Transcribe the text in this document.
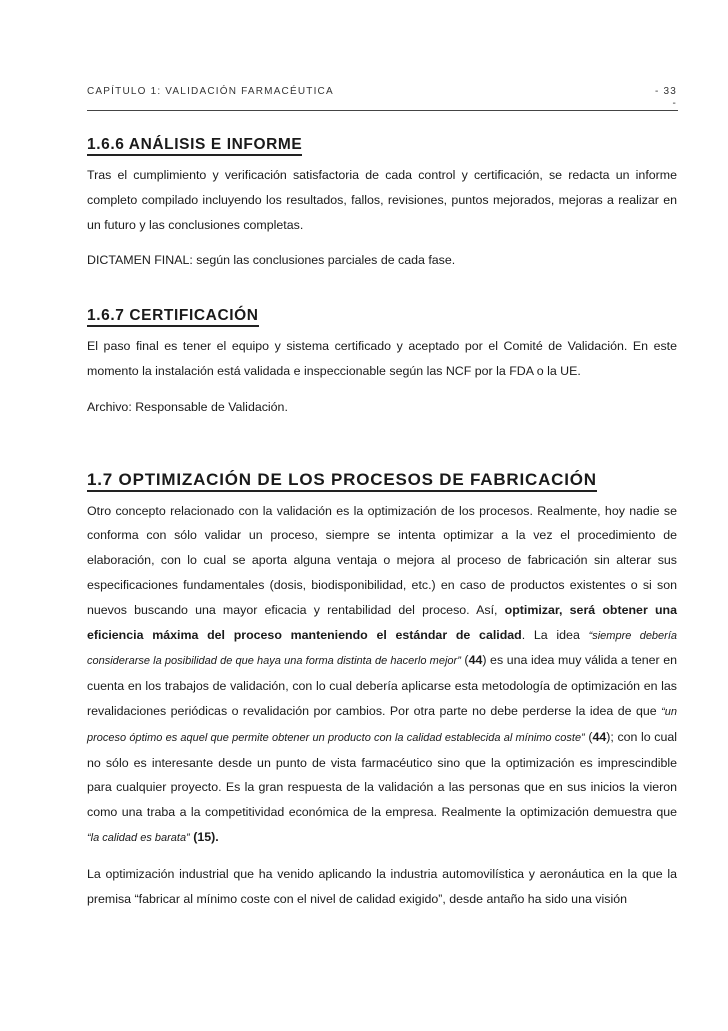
CAPÍTULO 1: VALIDACIÓN FARMACÉUTICA	- 33
-
1.6.6 ANÁLISIS E INFORME

Tras el cumplimiento y verificación satisfactoria de cada control y certificación, se redacta un informe completo compilado incluyendo los resultados, fallos, revisiones, puntos mejorados, mejoras a realizar en un futuro y las conclusiones completas.

DICTAMEN FINAL: según las conclusiones parciales de cada fase.

1.6.7 CERTIFICACIÓN

El paso final es tener el equipo y sistema certificado y aceptado por el Comité de Validación. En este momento la instalación está validada e inspeccionable según las NCF por la FDA o la UE.

Archivo: Responsable de Validación.

1.7 OPTIMIZACIÓN DE LOS PROCESOS DE FABRICACIÓN

Otro concepto relacionado con la validación es la optimización de los procesos. Realmente, hoy nadie se conforma con sólo validar un proceso, siempre se intenta optimizar a la vez el procedimiento de elaboración, con lo cual se aporta alguna ventaja o mejora al proceso de fabricación sin alterar sus especificaciones fundamentales (dosis, biodisponibilidad, etc.) en caso de productos existentes o si son nuevos buscando una mayor eficacia y rentabilidad del proceso. Así, optimizar, será obtener una eficiencia máxima del proceso manteniendo el estándar de calidad. La idea “siempre debería considerarse la posibilidad de que haya una forma distinta de hacerlo mejor” (44) es una idea muy válida a tener en cuenta en los trabajos de validación, con lo cual debería aplicarse esta metodología de optimización en las revalidaciones periódicas o revalidación por cambios. Por otra parte no debe perderse la idea de que “un proceso óptimo es aquel que permite obtener un producto con la calidad establecida al mínimo coste” (44); con lo cual no sólo es interesante desde un punto de vista farmacéutico sino que la optimización es imprescindible para cualquier proyecto. Es la gran respuesta de la validación a las personas que en sus inicios la vieron como una traba a la competitividad económica de la empresa. Realmente la optimización demuestra que “la calidad es barata” (15).

La optimización industrial que ha venido aplicando la industria automovilística y aeronáutica en la que la premisa “fabricar al mínimo coste con el nivel de calidad exigido”, desde antaño ha sido una visión
